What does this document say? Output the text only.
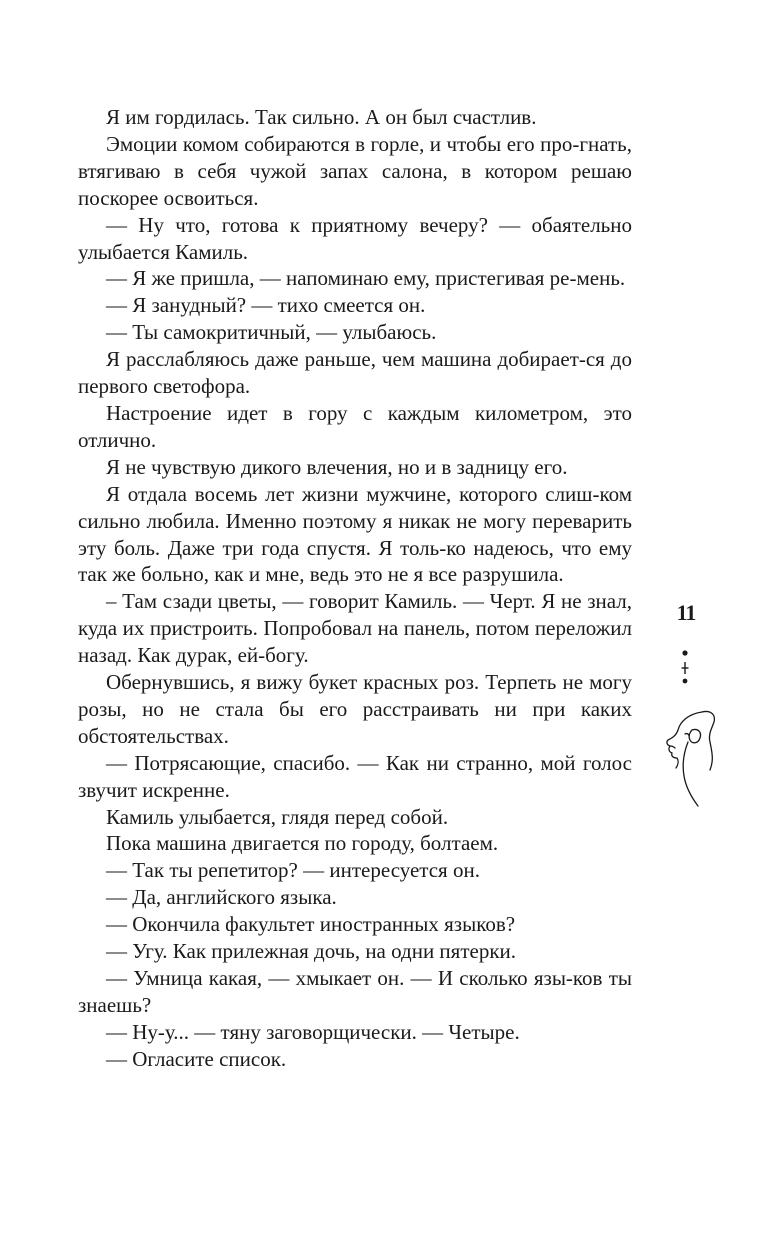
Я им гордилась. Так сильно. А он был счастлив.

Эмоции комом собираются в горле, и чтобы его про-гнать, втягиваю в себя чужой запах салона, в котором решаю поскорее освоиться.

— Ну что, готова к приятному вечеру? — обаятельно улыбается Камиль.

— Я же пришла, — напоминаю ему, пристегивая ре-мень.

— Я занудный? — тихо смеется он.

— Ты самокритичный, — улыбаюсь.

Я расслабляюсь даже раньше, чем машина добирает-ся до первого светофора.

Настроение идет в гору с каждым километром, это отлично.

Я не чувствую дикого влечения, но и в задницу его.

Я отдала восемь лет жизни мужчине, которого слиш-ком сильно любила. Именно поэтому я никак не могу переварить эту боль. Даже три года спустя. Я толь-ко надеюсь, что ему так же больно, как и мне, ведь это не я все разрушила.

– Там сзади цветы, — говорит Камиль. — Черт. Я не знал, куда их пристроить. Попробовал на панель, потом переложил назад. Как дурак, ей-богу.

Обернувшись, я вижу букет красных роз. Терпеть не могу розы, но не стала бы его расстраивать ни при каких обстоятельствах.

— Потрясающие, спасибо. — Как ни странно, мой голос звучит искренне.

Камиль улыбается, глядя перед собой.

Пока машина двигается по городу, болтаем.

— Так ты репетитор? — интересуется он.

— Да, английского языка.

— Окончила факультет иностранных языков?

— Угу. Как прилежная дочь, на одни пятерки.

— Умница какая, — хмыкает он. — И сколько язы-ков ты знаешь?

— Ну-у... — тяну заговорщически. — Четыре.

— Огласите список.

11
